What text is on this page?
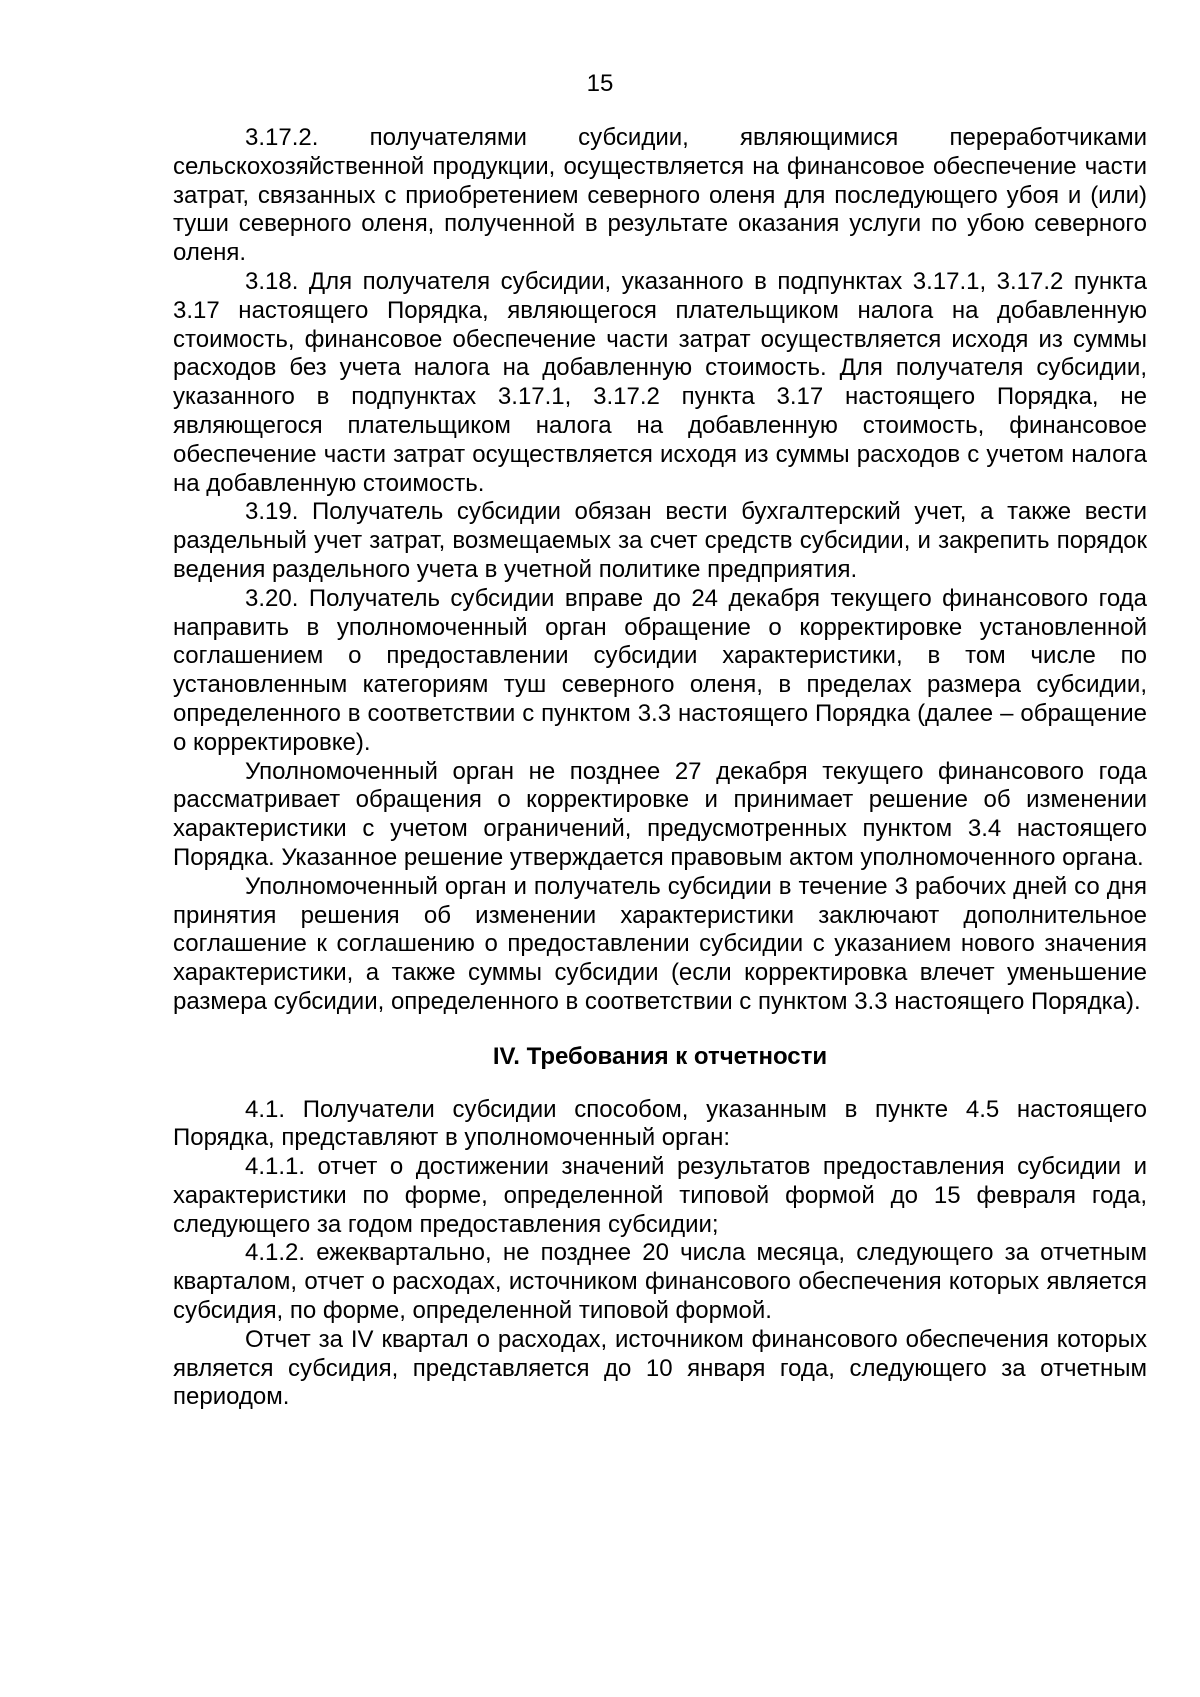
15

3.17.2. получателями субсидии, являющимися переработчиками сельскохозяйственной продукции, осуществляется на финансовое обеспечение части затрат, связанных с приобретением северного оленя для последующего убоя и (или) туши северного оленя, полученной в результате оказания услуги по убою северного оленя.

3.18. Для получателя субсидии, указанного в подпунктах 3.17.1, 3.17.2 пункта 3.17 настоящего Порядка, являющегося плательщиком налога на добавленную стоимость, финансовое обеспечение части затрат осуществляется исходя из суммы расходов без учета налога на добавленную стоимость. Для получателя субсидии, указанного в подпунктах 3.17.1, 3.17.2 пункта 3.17 настоящего Порядка, не являющегося плательщиком налога на добавленную стоимость, финансовое обеспечение части затрат осуществляется исходя из суммы расходов с учетом налога на добавленную стоимость.

3.19. Получатель субсидии обязан вести бухгалтерский учет, а также вести раздельный учет затрат, возмещаемых за счет средств субсидии, и закрепить порядок ведения раздельного учета в учетной политике предприятия.

3.20. Получатель субсидии вправе до 24 декабря текущего финансового года направить в уполномоченный орган обращение о корректировке установленной соглашением о предоставлении субсидии характеристики, в том числе по установленным категориям туш северного оленя, в пределах размера субсидии, определенного в соответствии с пунктом 3.3 настоящего Порядка (далее – обращение о корректировке).

Уполномоченный орган не позднее 27 декабря текущего финансового года рассматривает обращения о корректировке и принимает решение об изменении характеристики с учетом ограничений, предусмотренных пунктом 3.4 настоящего Порядка. Указанное решение утверждается правовым актом уполномоченного органа.

Уполномоченный орган и получатель субсидии в течение 3 рабочих дней со дня принятия решения об изменении характеристики заключают дополнительное соглашение к соглашению о предоставлении субсидии с указанием нового значения характеристики, а также суммы субсидии (если корректировка влечет уменьшение размера субсидии, определенного в соответствии с пунктом 3.3 настоящего Порядка).

IV. Требования к отчетности

4.1. Получатели субсидии способом, указанным в пункте 4.5 настоящего Порядка, представляют в уполномоченный орган:

4.1.1. отчет о достижении значений результатов предоставления субсидии и характеристики по форме, определенной типовой формой до 15 февраля года, следующего за годом предоставления субсидии;

4.1.2. ежеквартально, не позднее 20 числа месяца, следующего за отчетным кварталом, отчет о расходах, источником финансового обеспечения которых является субсидия, по форме, определенной типовой формой.

Отчет за IV квартал о расходах, источником финансового обеспечения которых является субсидия, представляется до 10 января года, следующего за отчетным периодом.
